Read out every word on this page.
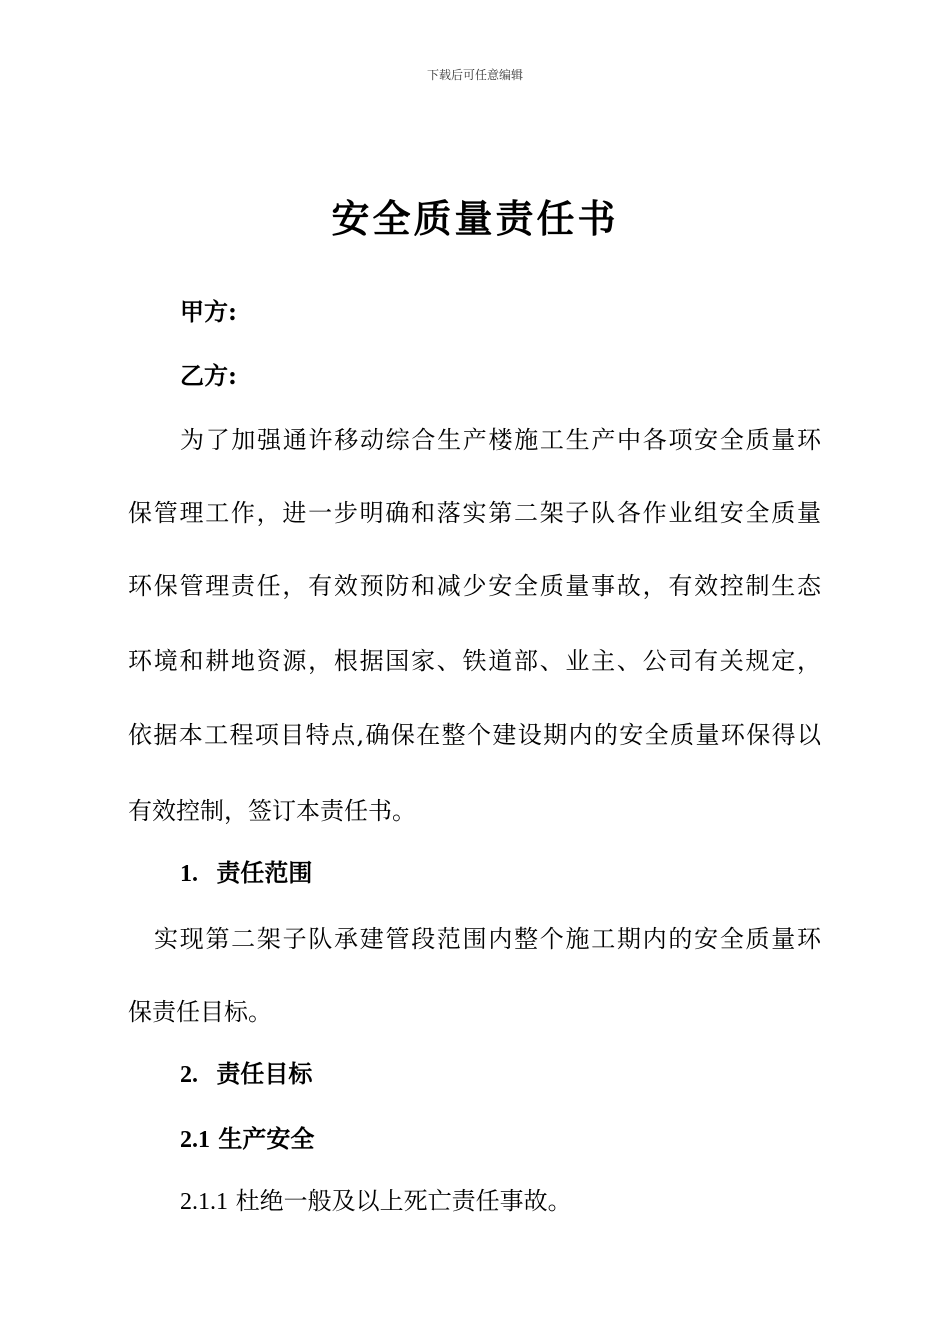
下载后可任意编辑
安全质量责任书
甲方:
乙方:
为了加强通许移动综合生产楼施工生产中各项安全质量环
保管理工作，进一步明确和落实第二架子队各作业组安全质量
环保管理责任，有效预防和减少安全质量事故，有效控制生态
环境和耕地资源，根据国家、铁道部、业主、公司有关规定，
依据本工程项目特点,确保在整个建设期内的安全质量环保得以
有效控制，签订本责任书。
1. 责任范围
实现第二架子队承建管段范围内整个施工期内的安全质量环
保责任目标。
2. 责任目标
2.1 生产安全
2.1.1 杜绝一般及以上死亡责任事故。
